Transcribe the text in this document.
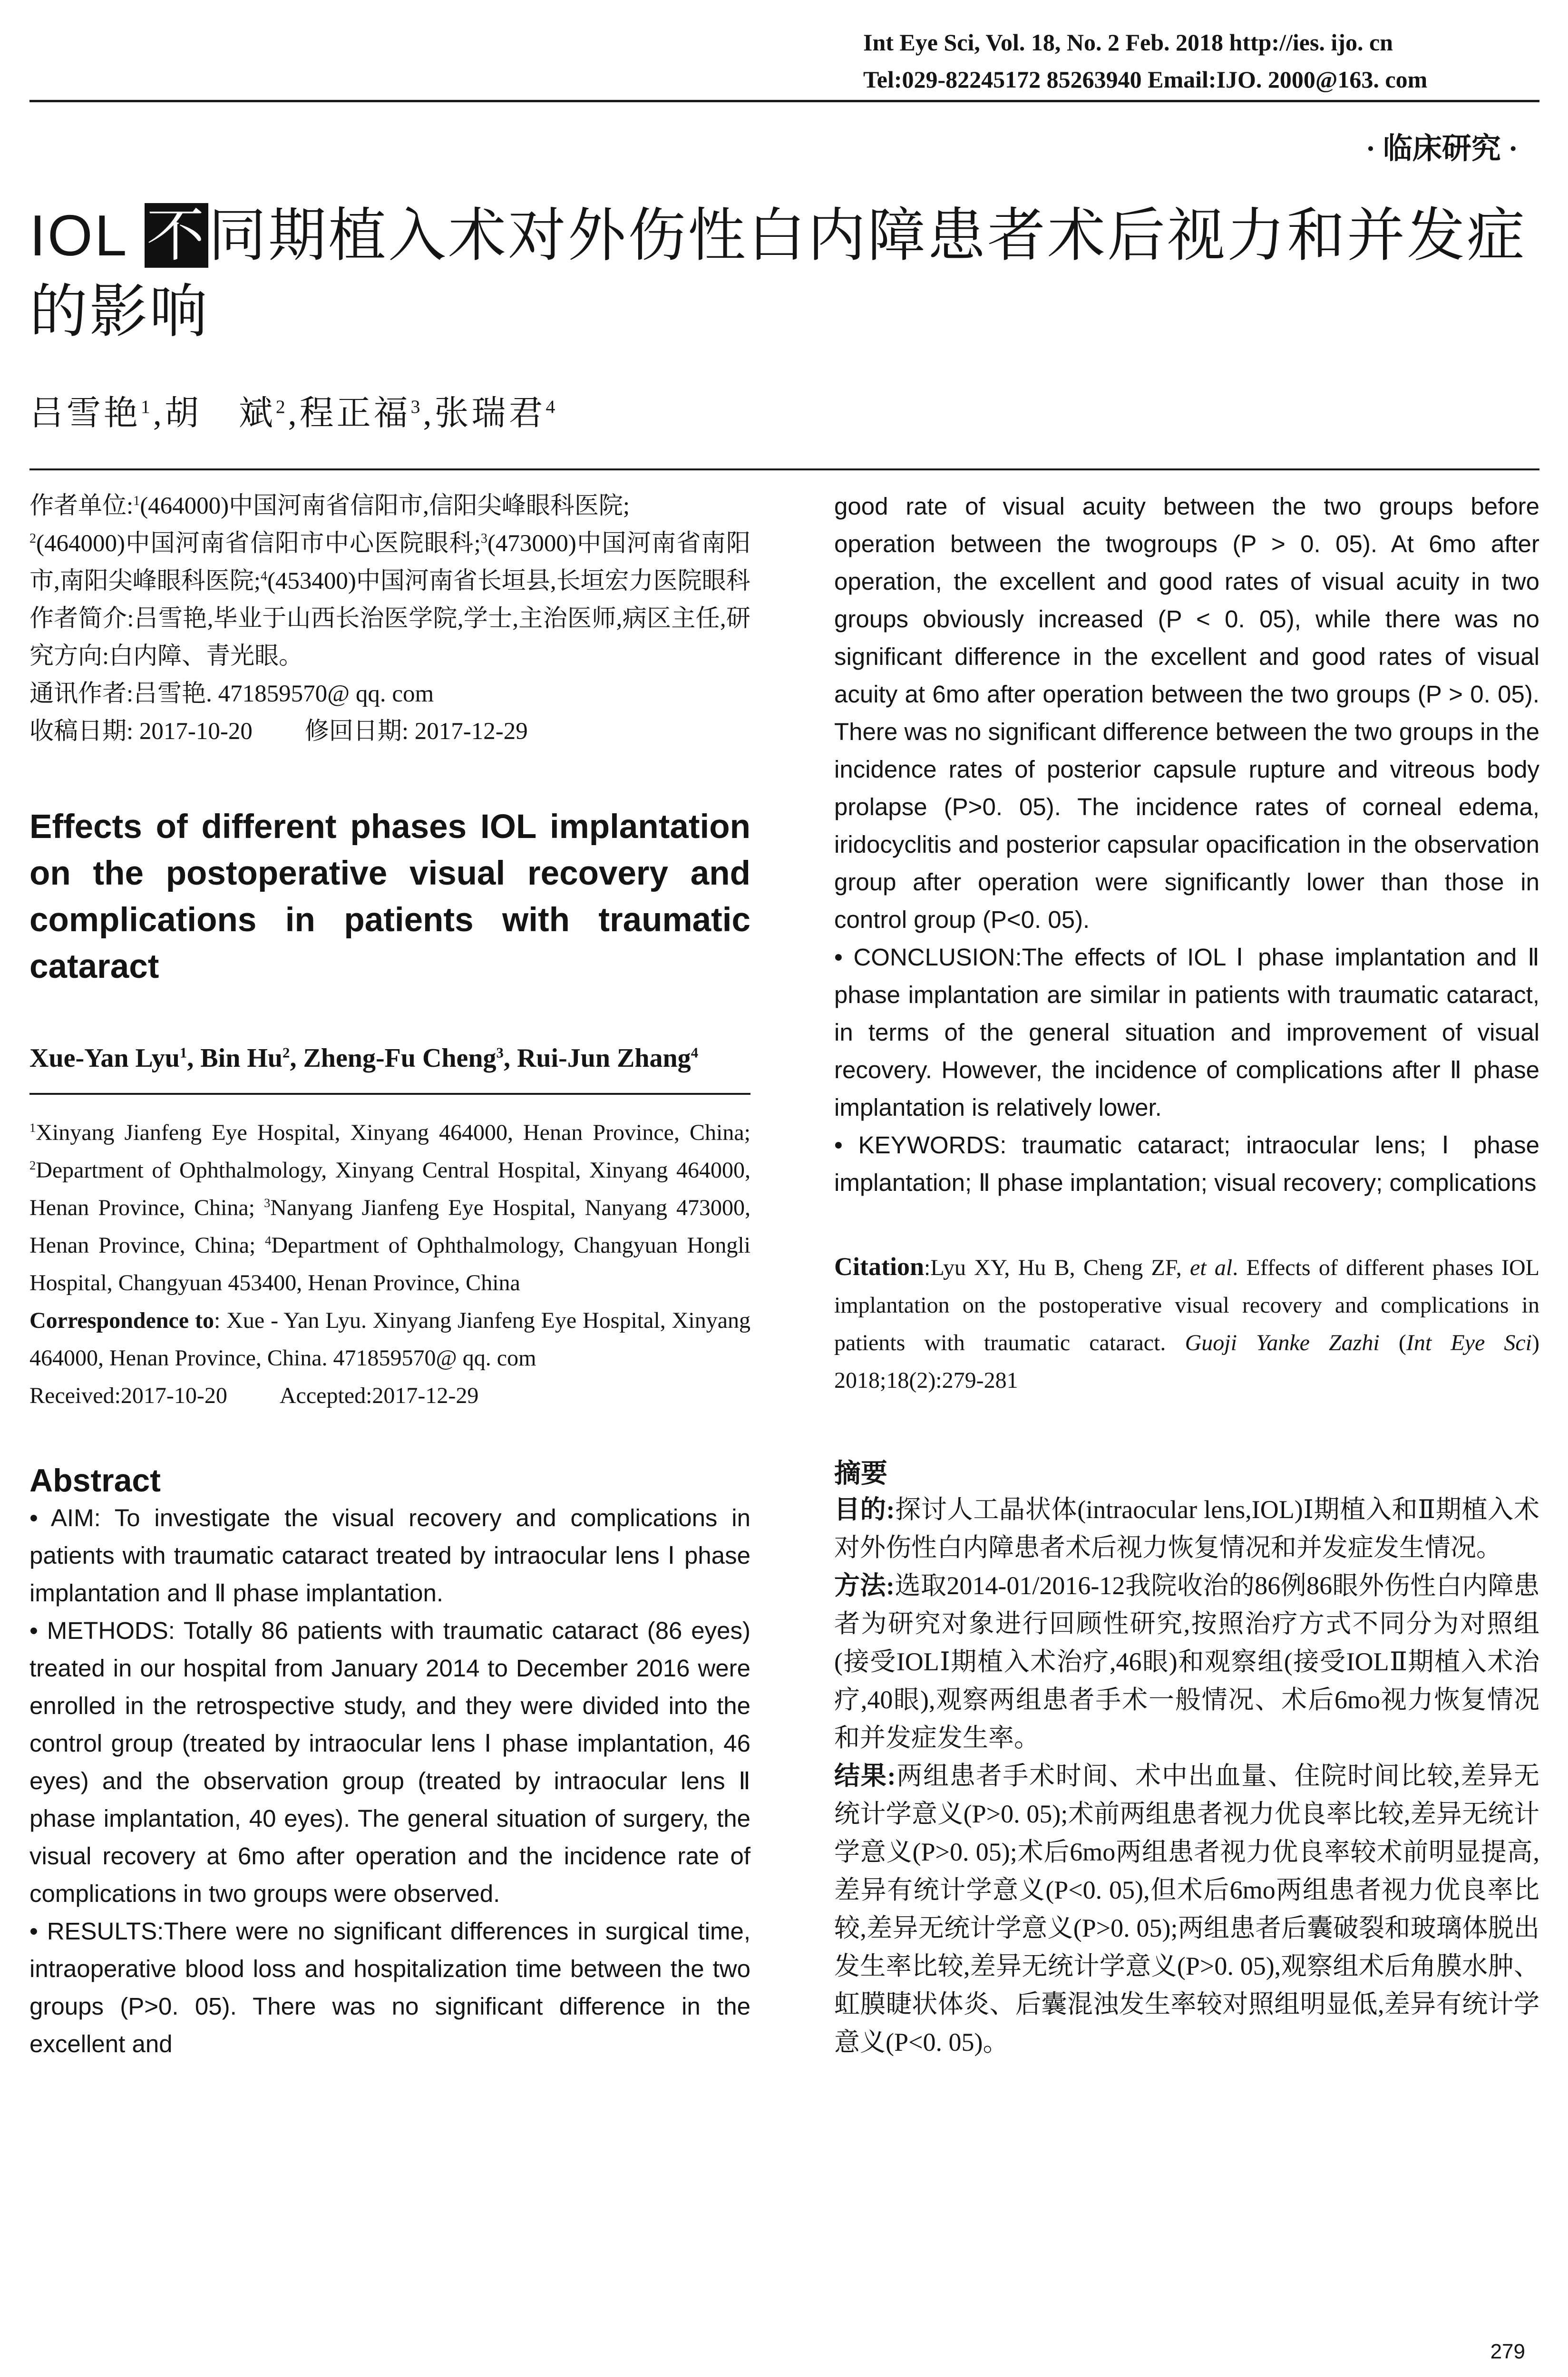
Int Eye Sci, Vol. 18, No. 2 Feb. 2018 http://ies. ijo. cn
Tel:029-82245172 85263940 Email:IJO. 2000@163. com
· 临床研究 ·
IOL 不同期植入术对外伤性白内障患者术后视力和并发症的影响
吕雪艳$^1$,胡　斌$^2$,程正福$^3$,张瑞君$^4$
作者单位:$^1$(464000)中国河南省信阳市,信阳尖峰眼科医院;
$^2$(464000)中国河南省信阳市中心医院眼科;$^3$(473000)中国河南省南阳市,南阳尖峰眼科医院;$^4$(453400)中国河南省长垣县,长垣宏力医院眼科
作者简介:吕雪艳,毕业于山西长治医学院,学士,主治医师,病区主任,研究方向:白内障、青光眼。
通讯作者:吕雪艳. 471859570@ qq. com
收稿日期: 2017-10-20 修回日期: 2017-12-29
Effects of different phases IOL implantation on the postoperative visual recovery and complications in patients with traumatic cataract
Xue-Yan Lyu$^1$, Bin Hu$^2$, Zheng-Fu Cheng$^3$, Rui-Jun Zhang$^4$
$^1$Xinyang Jianfeng Eye Hospital, Xinyang 464000, Henan Province, China; $^2$Department of Ophthalmology, Xinyang Central Hospital, Xinyang 464000, Henan Province, China; $^3$Nanyang Jianfeng Eye Hospital, Nanyang 473000, Henan Province, China; $^4$Department of Ophthalmology, Changyuan Hongli Hospital, Changyuan 453400, Henan Province, China
Correspondence to: Xue - Yan Lyu. Xinyang Jianfeng Eye Hospital, Xinyang 464000, Henan Province, China. 471859570@ qq. com
Received:2017-10-20 Accepted:2017-12-29
Abstract

• AIM: To investigate the visual recovery and complications in patients with traumatic cataract treated by intraocular lens Ⅰ phase implantation and Ⅱ phase implantation.

• METHODS: Totally 86 patients with traumatic cataract (86 eyes) treated in our hospital from January 2014 to December 2016 were enrolled in the retrospective study, and they were divided into the control group (treated by intraocular lens Ⅰ phase implantation, 46 eyes) and the observation group (treated by intraocular lens Ⅱ phase implantation, 40 eyes). The general situation of surgery, the visual recovery at 6mo after operation and the incidence rate of complications in two groups were observed.

• RESULTS:There were no significant differences in surgical time, intraoperative blood loss and hospitalization time between the two groups (P>0. 05). There was no significant difference in the excellent and

good rate of visual acuity between the two groups before operation between the twogroups (P > 0. 05). At 6mo after operation, the excellent and good rates of visual acuity in two groups obviously increased (P < 0. 05), while there was no significant difference in the excellent and good rates of visual acuity at 6mo after operation between the two groups (P > 0. 05). There was no significant difference between the two groups in the incidence rates of posterior capsule rupture and vitreous body prolapse (P>0. 05). The incidence rates of corneal edema, iridocyclitis and posterior capsular opacification in the observation group after operation were significantly lower than those in control group (P<0. 05).

• CONCLUSION:The effects of IOL Ⅰ phase implantation and Ⅱ phase implantation are similar in patients with traumatic cataract, in terms of the general situation and improvement of visual recovery. However, the incidence of complications after Ⅱ phase implantation is relatively lower.

• KEYWORDS: traumatic cataract; intraocular lens; Ⅰ phase implantation; Ⅱ phase implantation; visual recovery; complications

Citation:Lyu XY, Hu B, Cheng ZF, et al. Effects of different phases IOL implantation on the postoperative visual recovery and complications in patients with traumatic cataract. Guoji Yanke Zazhi (Int Eye Sci) 2018;18(2):279-281
摘要

目的:探讨人工晶状体(intraocular lens,IOL)Ⅰ期植入和Ⅱ期植入术对外伤性白内障患者术后视力恢复情况和并发症发生情况。

方法:选取2014-01/2016-12我院收治的86例86眼外伤性白内障患者为研究对象进行回顾性研究,按照治疗方式不同分为对照组(接受IOLⅠ期植入术治疗,46眼)和观察组(接受IOLⅡ期植入术治疗,40眼),观察两组患者手术一般情况、术后6mo视力恢复情况和并发症发生率。

结果:两组患者手术时间、术中出血量、住院时间比较,差异无统计学意义(P>0. 05);术前两组患者视力优良率比较,差异无统计学意义(P>0. 05);术后6mo两组患者视力优良率较术前明显提高,差异有统计学意义(P<0. 05),但术后6mo两组患者视力优良率比较,差异无统计学意义(P>0. 05);两组患者后囊破裂和玻璃体脱出发生率比较,差异无统计学意义(P>0. 05),观察组术后角膜水肿、虹膜睫状体炎、后囊混浊发生率较对照组明显低,差异有统计学意义(P<0. 05)。

279
